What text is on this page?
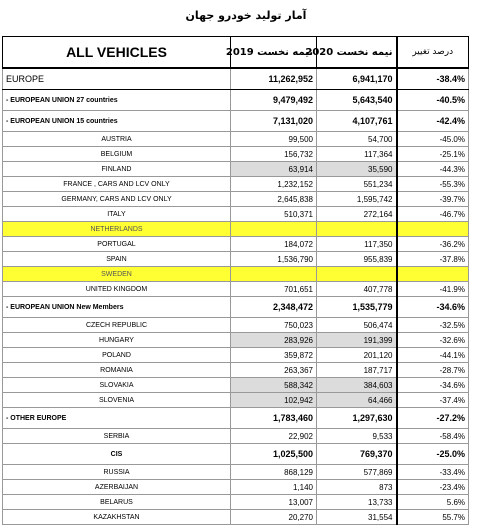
آمار تولید خودرو جهان
ALL VEHICLES	نیمه نخست 2019	نیمه نخست 2020	درصد تغییر
EUROPE	11,262,952	6,941,170	-38.4%
- EUROPEAN UNION 27 countries	9,479,492	5,643,540	-40.5%
- EUROPEAN UNION 15 countries	7,131,020	4,107,761	-42.4%
AUSTRIA	99,500	54,700	-45.0%
BELGIUM	156,732	117,364	-25.1%
FINLAND	63,914	35,590	-44.3%
FRANCE , CARS AND LCV ONLY	1,232,152	551,234	-55.3%
GERMANY, CARS AND LCV ONLY	2,645,838	1,595,742	-39.7%
ITALY	510,371	272,164	-46.7%
NETHERLANDS			
PORTUGAL	184,072	117,350	-36.2%
SPAIN	1,536,790	955,839	-37.8%
SWEDEN			
UNITED KINGDOM	701,651	407,778	-41.9%
- EUROPEAN UNION New Members	2,348,472	1,535,779	-34.6%
CZECH REPUBLIC	750,023	506,474	-32.5%
HUNGARY	283,926	191,399	-32.6%
POLAND	359,872	201,120	-44.1%
ROMANIA	263,367	187,717	-28.7%
SLOVAKIA	588,342	384,603	-34.6%
SLOVENIA	102,942	64,466	-37.4%
- OTHER EUROPE	1,783,460	1,297,630	-27.2%
SERBIA	22,902	9,533	-58.4%
CIS	1,025,500	769,370	-25.0%
RUSSIA	868,129	577,869	-33.4%
AZERBAIJAN	1,140	873	-23.4%
BELARUS	13,007	13,733	5.6%
KAZAKHSTAN	20,270	31,554	55.7%
